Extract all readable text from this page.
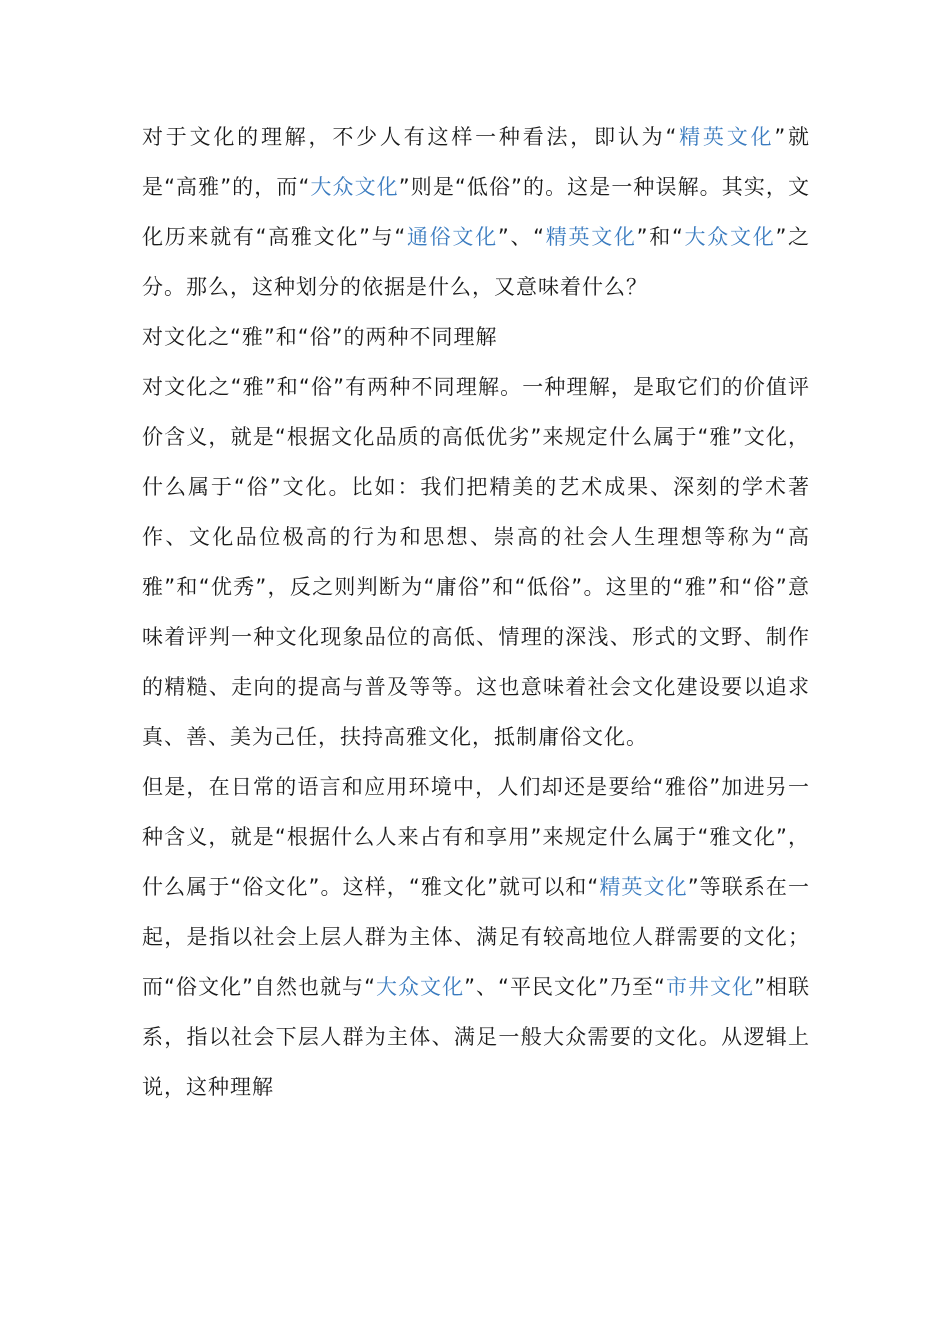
对于文化的理解，不少人有这样一种看法，即认为“精英文化”就是“高雅”的，而“大众文化”则是“低俗”的。这是一种误解。其实，文化历来就有“高雅文化”与“通俗文化”、“精英文化”和“大众文化”之分。那么，这种划分的依据是什么，又意味着什么？

对文化之“雅”和“俗”的两种不同理解

对文化之“雅”和“俗”有两种不同理解。一种理解，是取它们的价值评价含义，就是“根据文化品质的高低优劣”来规定什么属于“雅”文化，什么属于“俗”文化。比如：我们把精美的艺术成果、深刻的学术著作、文化品位极高的行为和思想、崇高的社会人生理想等称为“高雅”和“优秀”，反之则判断为“庸俗”和“低俗”。这里的“雅”和“俗”意味着评判一种文化现象品位的高低、情理的深浅、形式的文野、制作的精糙、走向的提高与普及等等。这也意味着社会文化建设要以追求真、善、美为己任，扶持高雅文化，抵制庸俗文化。

但是，在日常的语言和应用环境中，人们却还是要给“雅俗”加进另一种含义，就是“根据什么人来占有和享用”来规定什么属于“雅文化”，什么属于“俗文化”。这样，“雅文化”就可以和“精英文化”等联系在一起，是指以社会上层人群为主体、满足有较高地位人群需要的文化；而“俗文化”自然也就与“大众文化”、“平民文化”乃至“市井文化”相联系，指以社会下层人群为主体、满足一般大众需要的文化。从逻辑上说，这种理解
